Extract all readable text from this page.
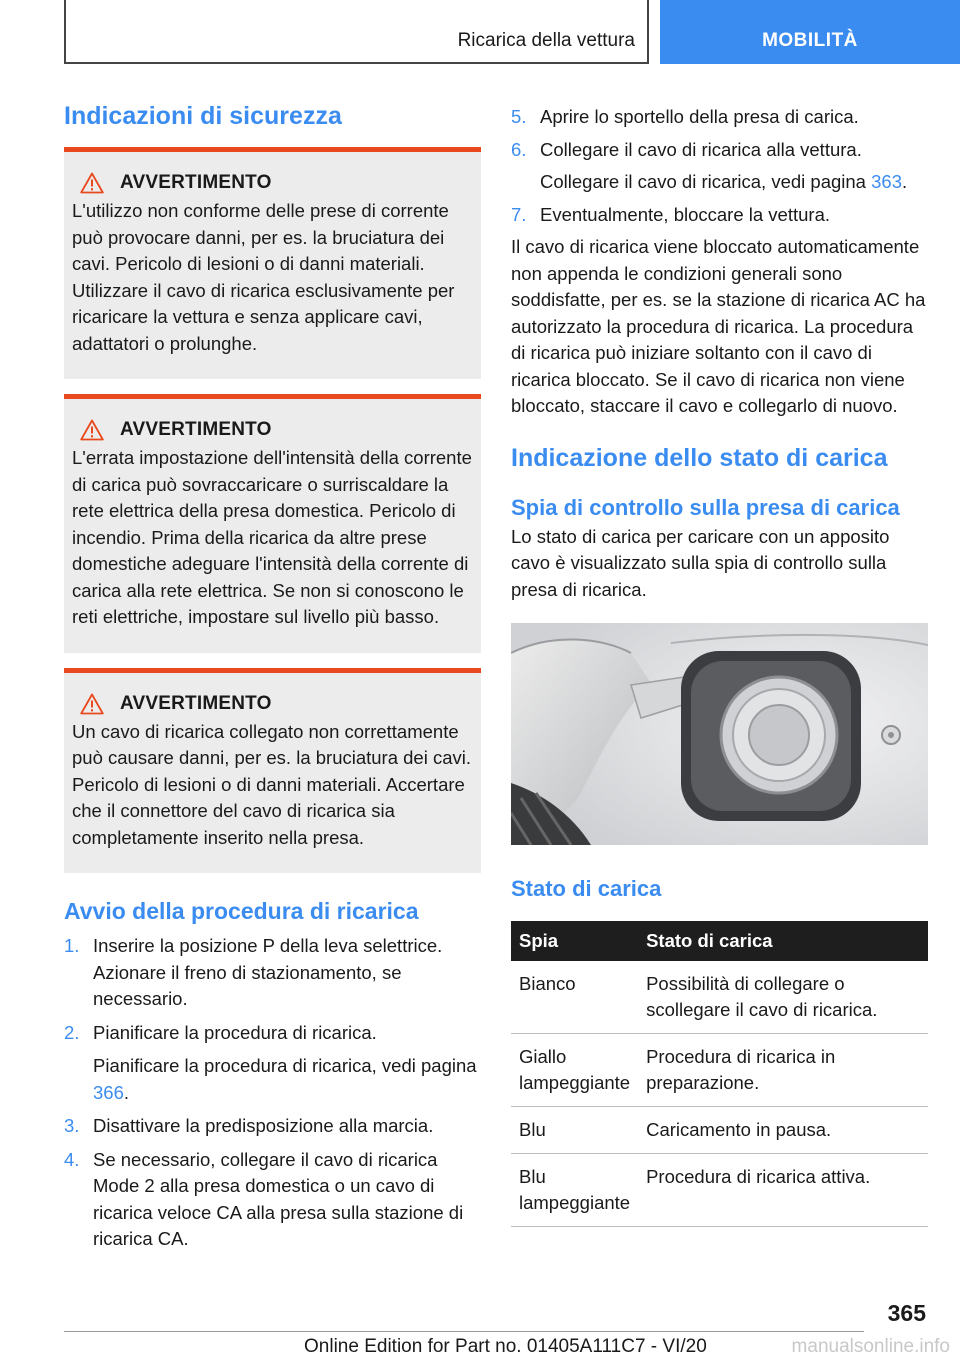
Ricarica della vettura	MOBILITÀ
Indicazioni di sicurezza
AVVERTIMENTO

L'utilizzo non conforme delle prese di corrente può provocare danni, per es. la bruciatura dei cavi. Pericolo di lesioni o di danni materiali. Utilizzare il cavo di ricarica esclusivamente per ricaricare la vettura e senza applicare cavi, adattatori o prolunghe.

AVVERTIMENTO

L'errata impostazione dell'intensità della corrente di carica può sovraccaricare o surriscaldare la rete elettrica della presa domestica. Pericolo di incendio. Prima della ricarica da altre prese domestiche adeguare l'intensità della corrente di carica alla rete elettrica. Se non si conoscono le reti elettriche, impostare sul livello più basso.

AVVERTIMENTO

Un cavo di ricarica collegato non correttamente può causare danni, per es. la bruciatura dei cavi. Pericolo di lesioni o di danni materiali. Accertare che il connettore del cavo di ricarica sia completamente inserito nella presa.

Avvio della procedura di ricarica
1. Inserire la posizione P della leva selettrice. Azionare il freno di stazionamento, se necessario.
2. Pianificare la procedura di ricarica.

Pianificare la procedura di ricarica, vedi pagina 366.

3. Disattivare la predisposizione alla marcia.
4. Se necessario, collegare il cavo di ricarica Mode 2 alla presa domestica o un cavo di ricarica veloce CA alla presa sulla stazione di ricarica CA.
5. Aprire lo sportello della presa di carica.
6. Collegare il cavo di ricarica alla vettura.

Collegare il cavo di ricarica, vedi pagina 363.

7. Eventualmente, bloccare la vettura.

Il cavo di ricarica viene bloccato automaticamente non appenda le condizioni generali sono soddisfatte, per es. se la stazione di ricarica AC ha autorizzato la procedura di ricarica. La procedura di ricarica può iniziare soltanto con il cavo di ricarica bloccato. Se il cavo di ricarica non viene bloccato, staccare il cavo e collegarlo di nuovo.

Indicazione dello stato di carica
Spia di controllo sulla presa di carica

Lo stato di carica per caricare con un apposito cavo è visualizzato sulla spia di controllo sulla presa di ricarica.

Stato di carica
Spia	Stato di carica
Bianco	Possibilità di collegare o scollegare il cavo di ricarica.
Giallo lampeggiante	Procedura di ricarica in preparazione.
Blu	Caricamento in pausa.
Blu lampeggiante	Procedura di ricarica attiva.
365
Online Edition for Part no. 01405A111C7 - VI/20	manualsonline.info
